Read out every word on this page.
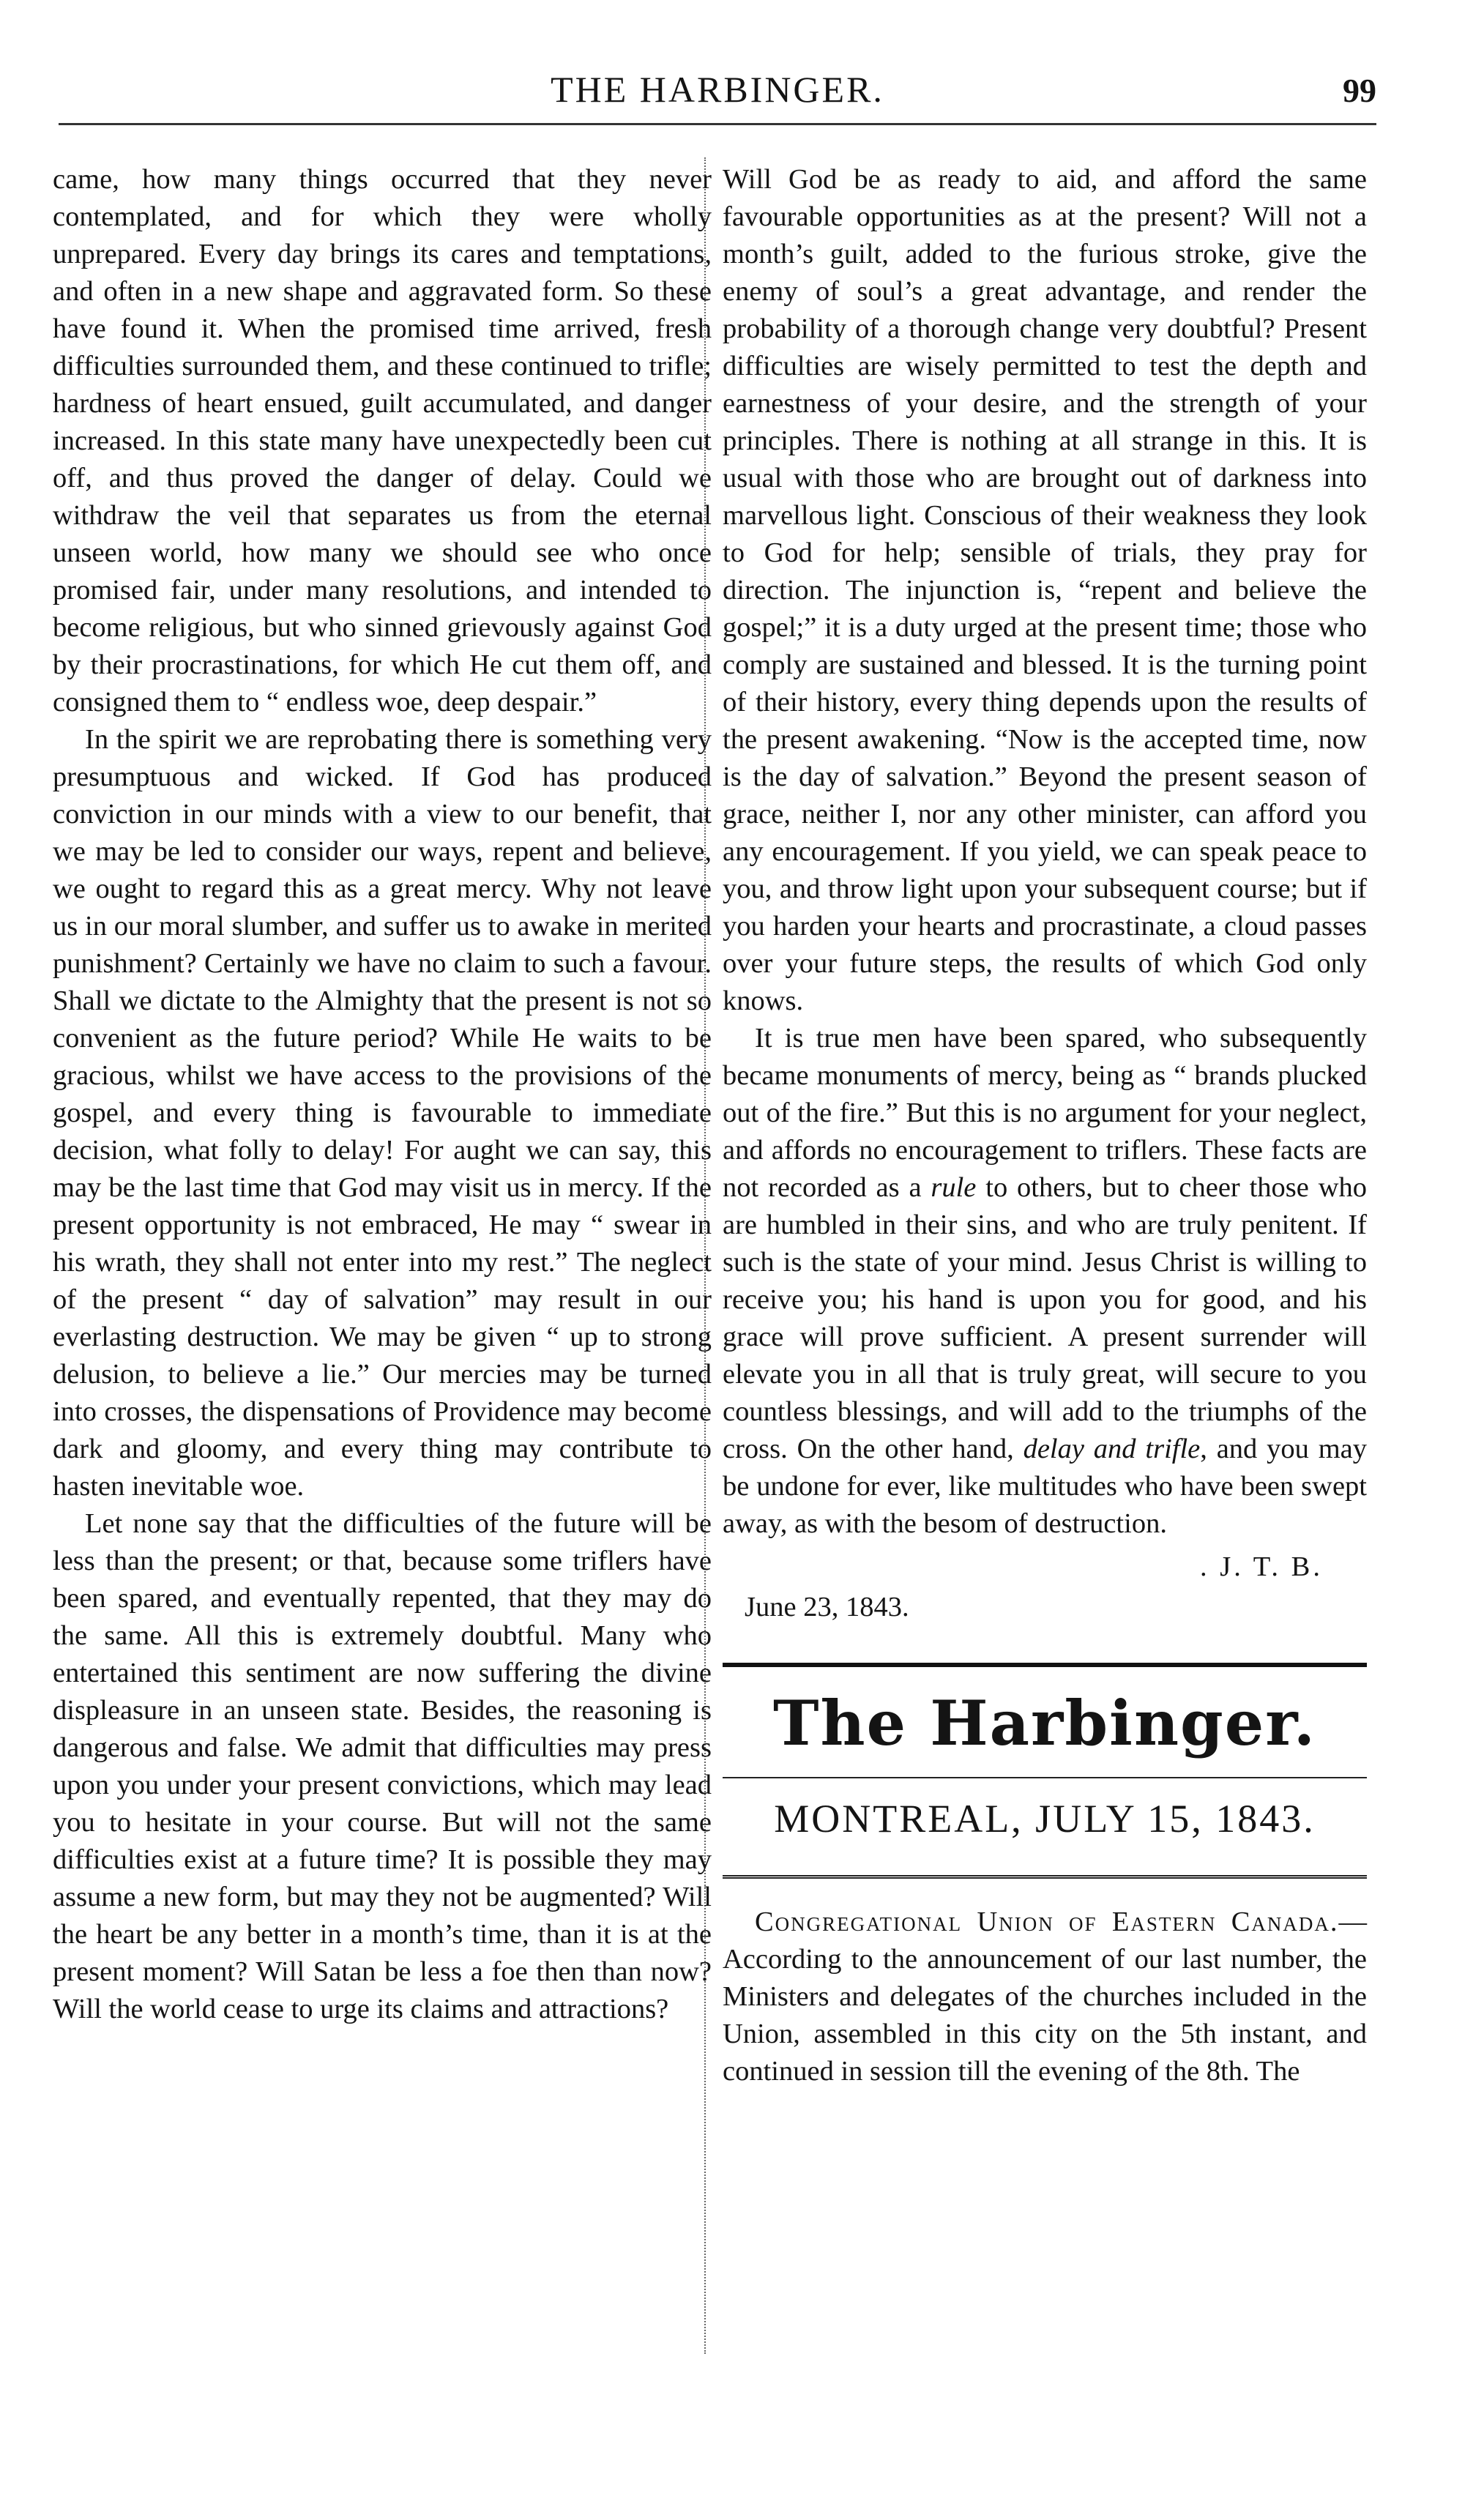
THE HARBINGER.	99

came, how many things occurred that they never contemplated, and for which they were wholly unprepared. Every day brings its cares and temptations, and often in a new shape and aggravated form. So these have found it. When the promised time arrived, fresh difficulties surrounded them, and these continued to trifle; hardness of heart ensued, guilt accumulated, and danger increased. In this state many have unexpectedly been cut off, and thus proved the danger of delay. Could we withdraw the veil that separates us from the eternal unseen world, how many we should see who once promised fair, under many resolutions, and intended to become religious, but who sinned grievously against God by their procrastinations, for which He cut them off, and consigned them to “ endless woe, deep despair.”

In the spirit we are reprobating there is something very presumptuous and wicked. If God has produced conviction in our minds with a view to our benefit, that we may be led to consider our ways, repent and believe, we ought to regard this as a great mercy. Why not leave us in our moral slumber, and suffer us to awake in merited punishment? Certainly we have no claim to such a favour. Shall we dictate to the Almighty that the present is not so convenient as the future period? While He waits to be gracious, whilst we have access to the provisions of the gospel, and every thing is favourable to immediate decision, what folly to delay! For aught we can say, this may be the last time that God may visit us in mercy. If the present opportunity is not embraced, He may “ swear in his wrath, they shall not enter into my rest.” The neglect of the present “ day of salvation” may result in our everlasting destruction. We may be given “ up to strong delusion, to believe a lie.” Our mercies may be turned into crosses, the dispensations of Providence may become dark and gloomy, and every thing may contribute to hasten inevitable woe.

Let none say that the difficulties of the future will be less than the present; or that, because some triflers have been spared, and eventually repented, that they may do the same. All this is extremely doubtful. Many who entertained this sentiment are now suffering the divine displeasure in an unseen state. Besides, the reasoning is dangerous and false. We admit that difficulties may press upon you under your present convictions, which may lead you to hesitate in your course. But will not the same difficulties exist at a future time? It is possible they may assume a new form, but may they not be augmented? Will the heart be any better in a month’s time, than it is at the present moment? Will Satan be less a foe then than now? Will the world cease to urge its claims and attractions?

Will God be as ready to aid, and afford the same favourable opportunities as at the present? Will not a month’s guilt, added to the furious stroke, give the enemy of soul’s a great advantage, and render the probability of a thorough change very doubtful? Present difficulties are wisely permitted to test the depth and earnestness of your desire, and the strength of your principles. There is nothing at all strange in this. It is usual with those who are brought out of darkness into marvellous light. Conscious of their weakness they look to God for help; sensible of trials, they pray for direction. The injunction is, “repent and believe the gospel;” it is a duty urged at the present time; those who comply are sustained and blessed. It is the turning point of their history, every thing depends upon the results of the present awakening. “Now is the accepted time, now is the day of salvation.” Beyond the present season of grace, neither I, nor any other minister, can afford you any encouragement. If you yield, we can speak peace to you, and throw light upon your subsequent course; but if you harden your hearts and procrastinate, a cloud passes over your future steps, the results of which God only knows.

It is true men have been spared, who subsequently became monuments of mercy, being as “ brands plucked out of the fire.” But this is no argument for your neglect, and affords no encouragement to triflers. These facts are not recorded as a rule to others, but to cheer those who are humbled in their sins, and who are truly penitent. If such is the state of your mind. Jesus Christ is willing to receive you; his hand is upon you for good, and his grace will prove sufficient. A present surrender will elevate you in all that is truly great, will secure to you countless blessings, and will add to the triumphs of the cross. On the other hand, delay and trifle, and you may be undone for ever, like multitudes who have been swept away, as with the besom of destruction.

. J. T. B.
June 23, 1843.
The Harbinger.
MONTREAL, JULY 15, 1843.

Congregational Union of Eastern Canada.—According to the announcement of our last number, the Ministers and delegates of the churches included in the Union, assembled in this city on the 5th instant, and continued in session till the evening of the 8th. The
